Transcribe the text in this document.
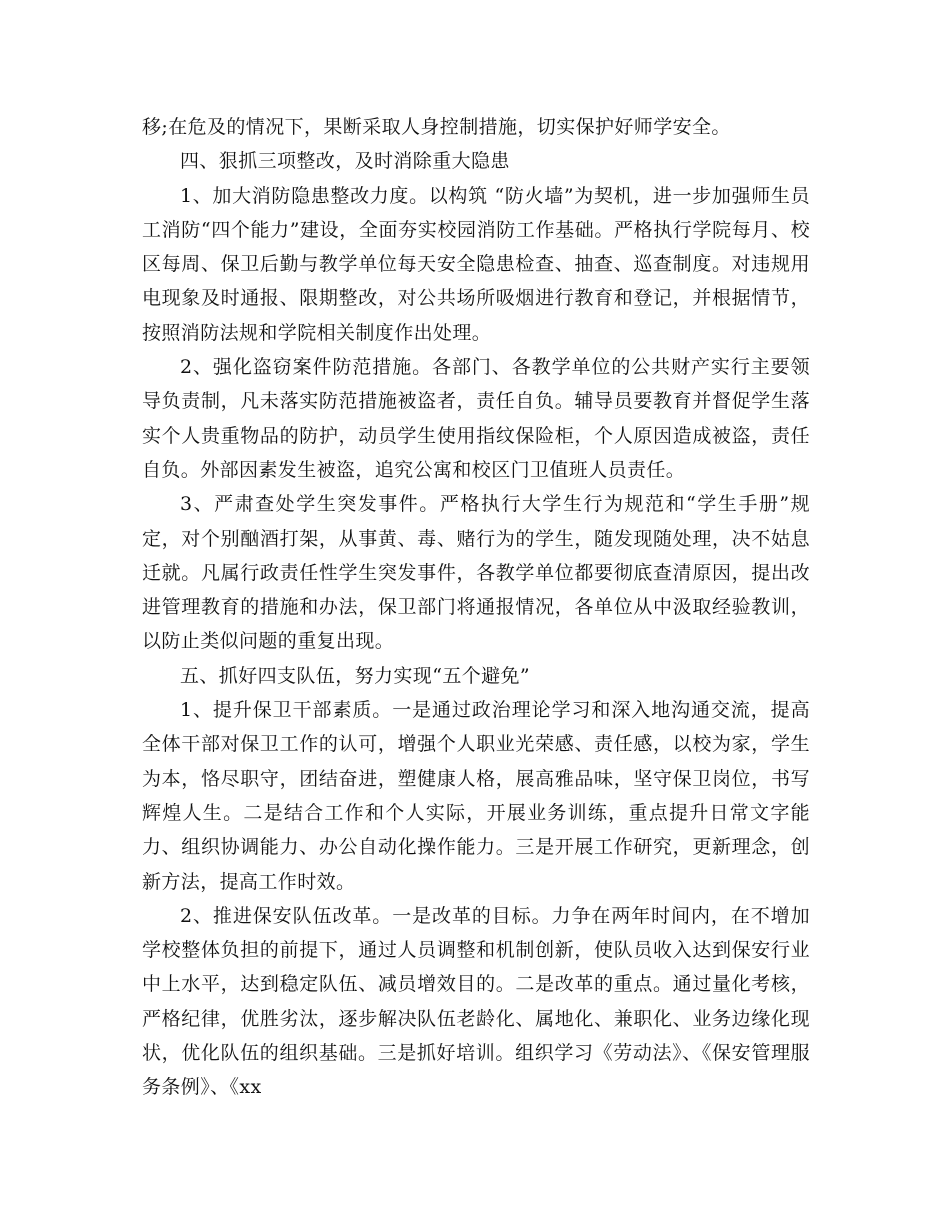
移;在危及的情况下，果断采取人身控制措施，切实保护好师学安全。

四、狠抓三项整改，及时消除重大隐患

1、加大消防隐患整改力度。以构筑 “防火墙”为契机，进一步加强师生员工消防“四个能力”建设，全面夯实校园消防工作基础。严格执行学院每月、校区每周、保卫后勤与教学单位每天安全隐患检查、抽查、巡查制度。对违规用电现象及时通报、限期整改，对公共场所吸烟进行教育和登记，并根据情节，按照消防法规和学院相关制度作出处理。

2、强化盗窃案件防范措施。各部门、各教学单位的公共财产实行主要领导负责制，凡未落实防范措施被盗者，责任自负。辅导员要教育并督促学生落实个人贵重物品的防护，动员学生使用指纹保险柜，个人原因造成被盗，责任自负。外部因素发生被盗，追究公寓和校区门卫值班人员责任。

3、严肃查处学生突发事件。严格执行大学生行为规范和“学生手册”规定，对个别酗酒打架，从事黄、毒、赌行为的学生，随发现随处理，决不姑息迁就。凡属行政责任性学生突发事件，各教学单位都要彻底查清原因，提出改进管理教育的措施和办法，保卫部门将通报情况，各单位从中汲取经验教训，以防止类似问题的重复出现。

五、抓好四支队伍，努力实现“五个避免”

1、提升保卫干部素质。一是通过政治理论学习和深入地沟通交流，提高全体干部对保卫工作的认可，增强个人职业光荣感、责任感，以校为家，学生为本，恪尽职守，团结奋进，塑健康人格，展高雅品味，坚守保卫岗位，书写辉煌人生。二是结合工作和个人实际，开展业务训练，重点提升日常文字能力、组织协调能力、办公自动化操作能力。三是开展工作研究，更新理念，创新方法，提高工作时效。

2、推进保安队伍改革。一是改革的目标。力争在两年时间内，在不增加学校整体负担的前提下，通过人员调整和机制创新，使队员收入达到保安行业中上水平，达到稳定队伍、减员增效目的。二是改革的重点。通过量化考核，严格纪律，优胜劣汰，逐步解决队伍老龄化、属地化、兼职化、业务边缘化现状，优化队伍的组织基础。三是抓好培训。组织学习《劳动法》、《保安管理服务条例》、《xx
